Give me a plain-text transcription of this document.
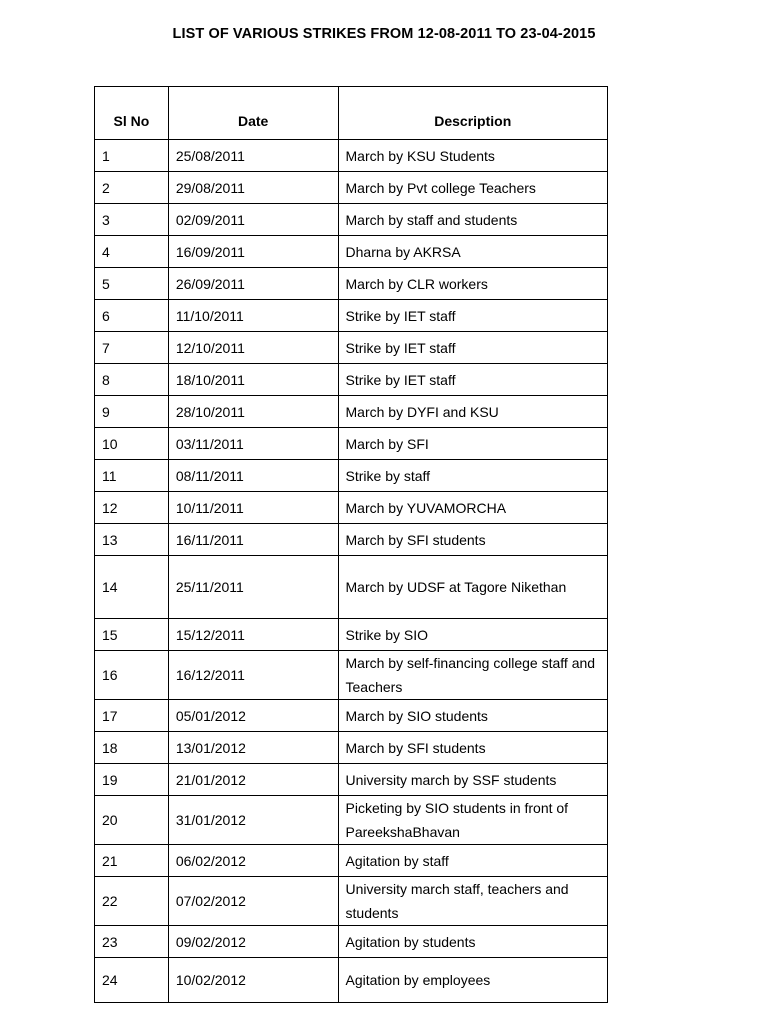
LIST OF VARIOUS STRIKES FROM 12-08-2011 TO 23-04-2015
Sl No	Date	Description
1	25/08/2011	March by KSU Students
2	29/08/2011	March by Pvt college Teachers
3	02/09/2011	March by staff and students
4	16/09/2011	Dharna by AKRSA
5	26/09/2011	March by CLR workers
6	11/10/2011	Strike by IET staff
7	12/10/2011	Strike by IET staff
8	18/10/2011	Strike by IET staff
9	28/10/2011	March by DYFI and KSU
10	03/11/2011	March by SFI
11	08/11/2011	Strike by staff
12	10/11/2011	March by YUVAMORCHA
13	16/11/2011	March by SFI students
14	25/11/2011	March by UDSF at Tagore Nikethan
15	15/12/2011	Strike by SIO
16	16/12/2011	March by self-financing college staff and Teachers
17	05/01/2012	March by SIO students
18	13/01/2012	March by SFI students
19	21/01/2012	University march by SSF students
20	31/01/2012	Picketing by SIO students in front of PareekshaBhavan
21	06/02/2012	Agitation by staff
22	07/02/2012	University march staff, teachers and students
23	09/02/2012	Agitation by students
24	10/02/2012	Agitation by employees
